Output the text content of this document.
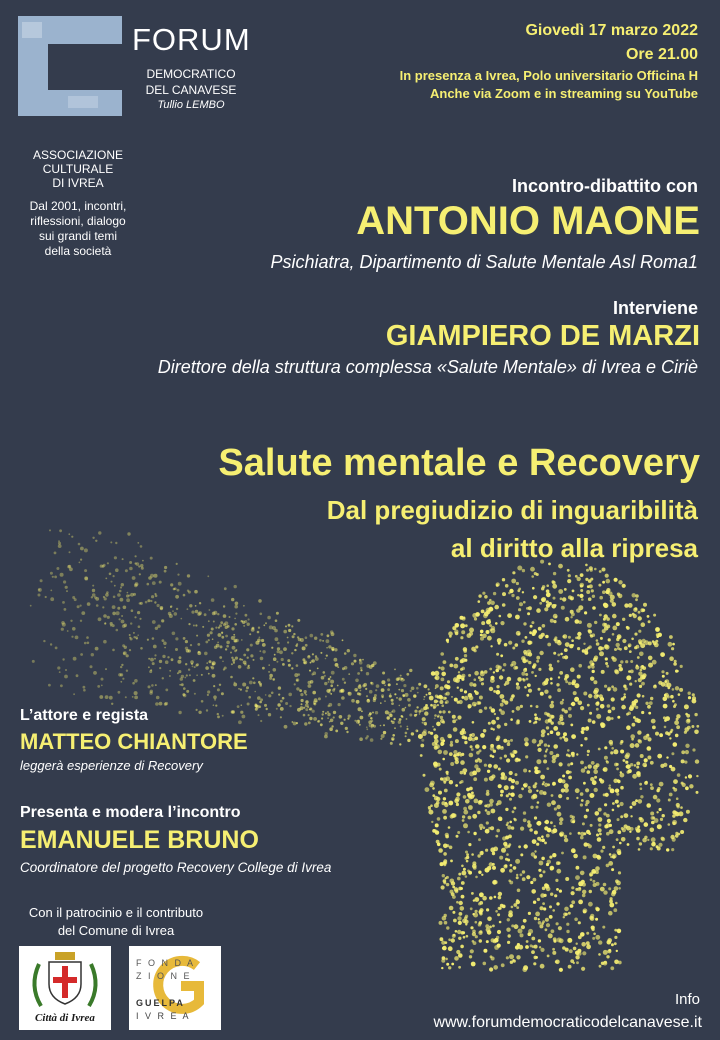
FORUM
DEMOCRATICO
DEL CANAVESE
Tullio LEMBO
ASSOCIAZIONE
CULTURALE
DI IVREA
Dal 2001, incontri,
riflessioni, dialogo
sui grandi temi
della società
Giovedì 17 marzo 2022
Ore 21.00
In presenza a Ivrea, Polo universitario Officina H
Anche via Zoom e in streaming su YouTube
Incontro-dibattito con
ANTONIO MAONE
Psichiatra, Dipartimento di Salute Mentale Asl Roma1
Interviene
GIAMPIERO DE MARZI
Direttore della struttura complessa «Salute Mentale» di Ivrea e Ciriè
Salute mentale e Recovery
Dal pregiudizio di inguaribilità
al diritto alla ripresa
L’attore e regista
MATTEO CHIANTORE
leggerà esperienze di Recovery
Presenta e modera l’incontro
EMANUELE BRUNO
Coordinatore del progetto Recovery College di Ivrea
Con il patrocinio e il contributo
del Comune di Ivrea
Città di Ivrea
F O N D A
Z I O N E
GUELPA
I V R E A
Info
www.forumdemocraticodelcanavese.it
